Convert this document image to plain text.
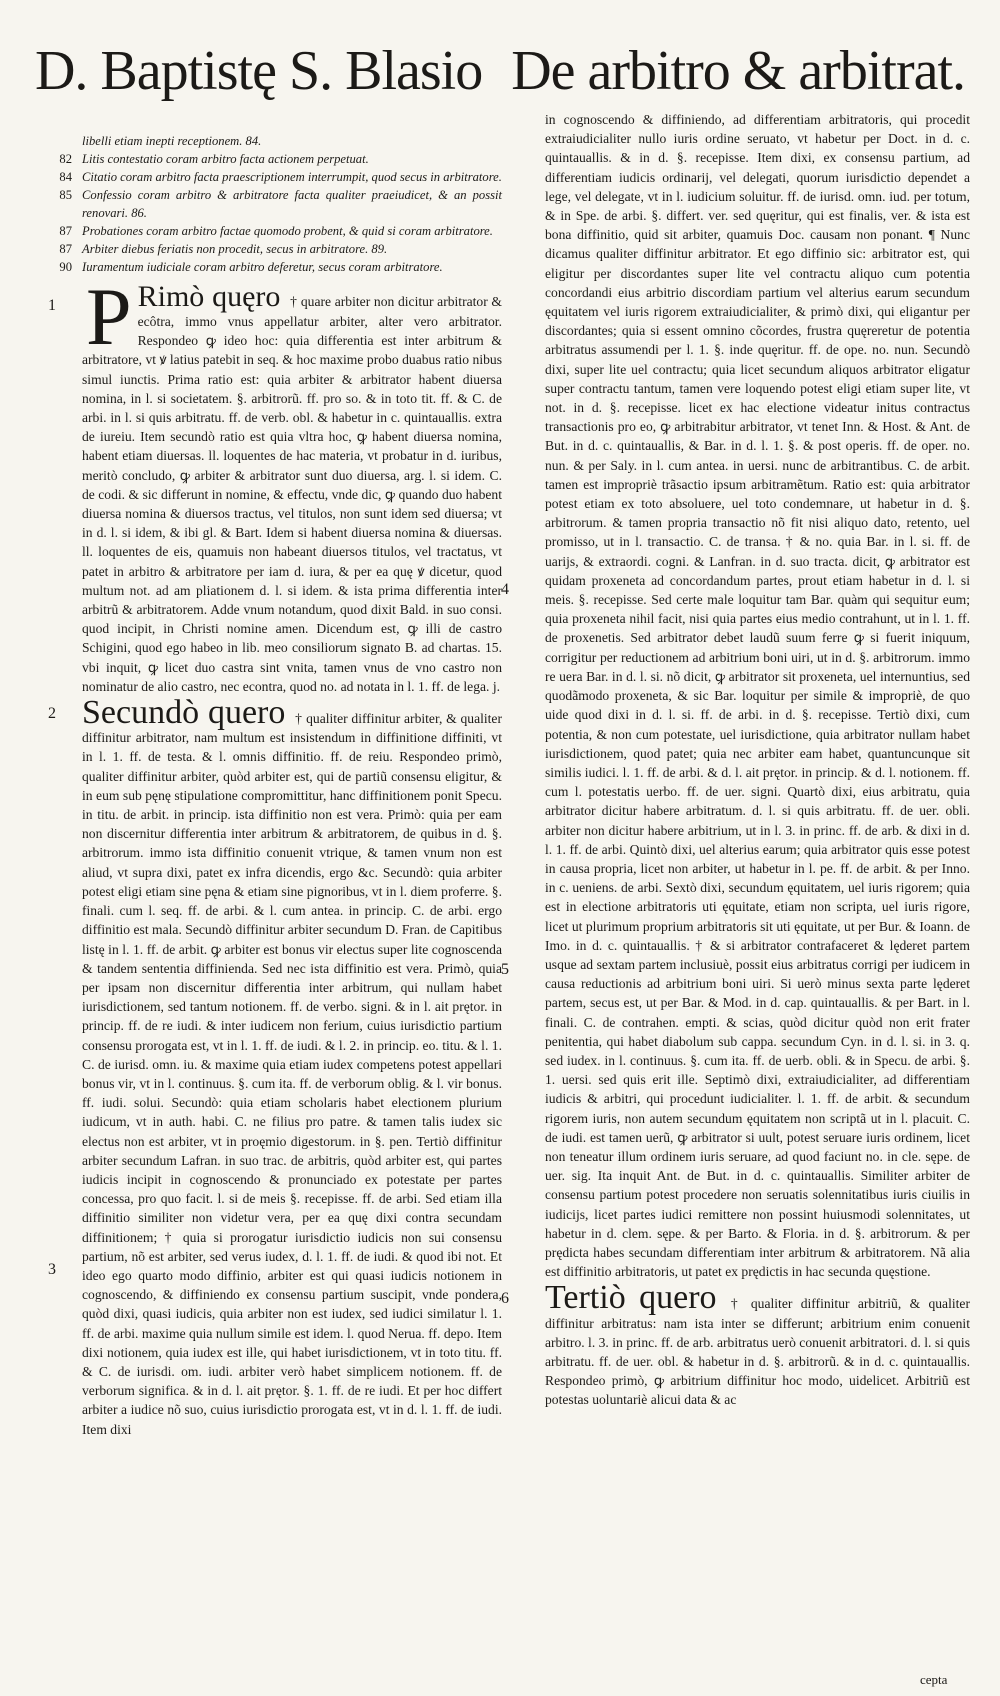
D. Baptistę S. Blasio De arbitro & arbitrat.
libelli etiam inepti receptionem. 84.
82 Litis contestatio coram arbitro facta actionem perpetuat.
84 Citatio coram arbitro facta praescriptionem interrumpit, quod secus in arbitratore.
85 Confessio coram arbitro & arbitratore facta qualiter praeiudicet, & an possit renovari. 86.
87 Probationes coram arbitro factae quomodo probent, & quid si coram arbitratore.
87 Arbiter diebus feriatis non procedit, secus in arbitratore. 89.
90 Iuramentum iudiciale coram arbitro deferetur, secus coram arbitratore.
1 P Rimò quęro † quare arbiter non dicitur arbitrator & ecôtra, immo vnus appellatur arbiter, alter vero arbitrator. Respondeo ꝙ ideo hoc: quia differentia est inter arbitrum & arbitratore, vt ꝟ latius patebit in seq. & hoc maxime probo duabus ratio nibus simul iunctis. Prima ratio est: quia arbiter & arbitrator habent diuersa nomina, in l. si societatem. §. arbitrorũ. ff. pro so. & in toto tit. ff. & C. de arbi. in l. si quis arbitratu. ff. de verb. obl. & habetur in c. quintauallis. extra de iureiu. Item secundò ratio est quia vltra hoc, ꝙ habent diuersa nomina, habent etiam diuersas. ll. loquentes de hac materia, vt probatur in d. iuribus, meritò concludo, ꝙ arbiter & arbitrator sunt duo diuersa, arg. l. si idem. C. de codi. & sic differunt in nomine, & effectu, vnde dic, ꝙ quando duo habent diuersa nomina & diuersos tractus, vel titulos, non sunt idem sed diuersa; vt in d. l. si idem, & ibi gl. & Bart. Idem si habent diuersa nomina & diuersas. ll. loquentes de eis, quamuis non habeant diuersos titulos, vel tractatus, vt patet in arbitro & arbitratore per iam d. iura, & per ea quę ꝟ dicetur, quod multum not. ad am pliationem d. l. si idem. & ista prima differentia inter arbitrũ & arbitratorem. Adde vnum notandum, quod dixit Bald. in suo consi. quod incipit, in Christi nomine amen. Dicendum est, ꝙ illi de castro Schigini, quod ego habeo in lib. meo consiliorum signato B. ad chartas. 15. vbi inquit, ꝙ licet duo castra sint vnita, tamen vnus de vno castro non nominatur de alio castro, nec econtra, quod no. ad notata in l. 1. ff. de lega. j.
2 Secundò quero † qualiter diffinitur arbiter, & qualiter diffinitur arbitrator, nam multum est insistendum in diffinitione diffiniti, vt in l. 1. ff. de testa. & l. omnis diffinitio. ff. de reiu. Respondeo primò, qualiter diffinitur arbiter, quòd arbiter est, qui de partiũ consensu eligitur, & in eum sub pęnę stipulatione compromittitur, hanc diffinitionem ponit Specu. in titu. de arbit. in princip. ista diffinitio non est vera. Primò: quia per eam non discernitur differentia inter arbitrum & arbitratorem, de quibus in d. §. arbitrorum. immo ista diffinitio conuenit vtrique, & tamen vnum non est aliud, vt supra dixi, patet ex infra dicendis, ergo &c. Secundò: quia arbiter potest eligi etiam sine pęna & etiam sine pignoribus, vt in l. diem proferre. §. finali. cum l. seq. ff. de arbi. & l. cum antea. in princip. C. de arbi. ergo diffinitio est mala. Secundò diffinitur arbiter secundum D. Fran. de Capitibus listę in l. 1. ff. de arbit. ꝙ arbiter est bonus vir electus super lite cognoscenda & tandem sententia diffinienda. Sed nec ista diffinitio est vera. Primò, quia per ipsam non discernitur differentia inter arbitrum, qui nullam habet iurisdictionem, sed tantum notionem. ff. de verbo. signi. & in l. ait prętor. in princip. ff. de re iudi. & inter iudicem non ferium, cuius iurisdictio partium consensu prorogata est, vt in l. 1. ff. de iudi. & l. 2. in princip. eo. titu. & l. 1. C. de iurisd. omn. iu. & maxime quia etiam iudex competens potest appellari bonus vir, vt in l. continuus. §. cum ita. ff. de verborum oblig. & l. vir bonus. ff. iudi. solui. Secundò: quia etiam scholaris habet electionem plurium iudicum, vt in auth. habi. C. ne filius pro patre. & tamen talis iudex sic electus non est arbiter, vt in proęmio digestorum. in §. pen. Tertiò diffinitur arbiter secundum Lafran. in suo trac. de arbitris, quòd arbiter est, qui partes iudicis incipit in cognoscendo & pronunciado ex potestate per partes concessa, pro quo facit. l. si de meis §. recepisse. ff. de arbi. Sed etiam illa diffinitio similiter non videtur vera, per ea quę dixi contra secundam diffinitionem; † quia si prorogatur iurisdictio iudicis non sui consensu partium, nõ est arbiter, sed verus iudex, d. l. 1. ff. de iudi. & quod ibi not. Et ideo ego quarto modo diffinio, arbiter est qui quasi iudicis notionem in cognoscendo, & diffiniendo ex consensu partium suscipit, vnde pondera, quòd dixi, quasi iudicis, quia arbiter non est iudex, sed iudici similatur l. 1. ff. de arbi. maxime quia nullum simile est idem. l. quod Nerua. ff. depo. Item dixi notionem, quia iudex est ille, qui habet iurisdictionem, vt in toto titu. ff. & C. de iurisdi. om. iudi. arbiter verò habet simplicem notionem. ff. de verborum significa. & in d. l. ait prętor. §. 1. ff. de re iudi. Et per hoc differt arbiter a iudice nõ suo, cuius iurisdictio prorogata est, vt in d. l. 1. ff. de iudi. Item dixi
3
in cognoscendo & diffiniendo, ad differentiam arbitratoris, qui procedit extraiudicialiter nullo iuris ordine seruato, vt habetur per Doct. in d. c. quintauallis. & in d. §. recepisse. Item dixi, ex consensu partium, ad differentiam iudicis ordinarij, vel delegati, quorum iurisdictio dependet a lege, vel delegate, vt in l. iudicium soluitur. ff. de iurisd. omn. iud. per totum, & in Spe. de arbi. §. differt. ver. sed quęritur, qui est finalis, ver. & ista est bona diffinitio, quid sit arbiter, quamuis Doc. causam non ponant. ¶ Nunc dicamus qualiter diffinitur arbitrator. Et ego diffinio sic: arbitrator est, qui eligitur per discordantes super lite vel contractu aliquo cum potentia concordandi eius arbitrio discordiam partium vel alterius earum secundum ęquitatem vel iuris rigorem extraiudicialiter, & primò dixi, qui eligantur per discordantes; quia si essent omnino cõcordes, frustra quęreretur de potentia arbitratus assumendi per l. 1. §. inde quęritur. ff. de ope. no. nun. Secundò dixi, super lite uel contractu; quia licet secundum aliquos arbitrator eligatur super contractu tantum, tamen vere loquendo potest eligi etiam super lite, vt not. in d. §. recepisse. licet ex hac electione videatur initus contractus transactionis pro eo, ꝙ arbitrabitur arbitrator, vt tenet Inn. & Host. & Ant. de But. in d. c. quintauallis, & Bar. in d. l. 1. §. & post operis. ff. de oper. no. nun. & per Saly. in l. cum antea. in uersi. nunc de arbitrantibus. C. de arbit. tamen est impropriè trãsactio ipsum arbitramẽtum. Ratio est: quia arbitrator potest etiam ex toto absoluere, uel toto condemnare, ut habetur in d. §. arbitrorum. & tamen propria transactio nõ fit nisi aliquo dato, retento, uel promisso, ut in l. transactio. C. de transa. † & no. quia Bar. in l. si. ff. de uarijs, & extraordi. cogni. & Lanfran. in d. suo tracta. dicit, ꝙ arbitrator est quidam proxeneta ad concordandum partes, prout etiam habetur in d. l. si meis. §. recepisse. Sed certe male loquitur tam Bar. quàm qui sequitur eum; quia proxeneta nihil facit, nisi quia partes eius medio contrahunt, ut in l. 1. ff. de proxenetis. Sed arbitrator debet laudũ suum ferre ꝙ si fuerit iniquum, corrigitur per reductionem ad arbitrium boni uiri, ut in d. §. arbitrorum. immo re uera Bar. in d. l. si. nõ dicit, ꝙ arbitrator sit proxeneta, uel internuntius, sed quodãmodo proxeneta, & sic Bar. loquitur per simile & impropriè, de quo uide quod dixi in d. l. si. ff. de arbi. in d. §. recepisse. Tertiò dixi, cum potentia, & non cum potestate, uel iurisdictione, quia arbitrator nullam habet iurisdictionem, quod patet; quia nec arbiter eam habet, quantuncunque sit similis iudici. l. 1. ff. de arbi. & d. l. ait prętor. in princip. & d. l. notionem. ff. cum l. potestatis uerbo. ff. de uer. signi. Quartò dixi, eius arbitratu, quia arbitrator dicitur habere arbitratum. d. l. si quis arbitratu. ff. de uer. obli. arbiter non dicitur habere arbitrium, ut in l. 3. in princ. ff. de arb. & dixi in d. l. 1. ff. de arbi. Quintò dixi, uel alterius earum; quia arbitrator quis esse potest in causa propria, licet non arbiter, ut habetur in l. pe. ff. de arbit. & per Inno. in c. ueniens. de arbi. Sextò dixi, secundum ęquitatem, uel iuris rigorem; quia est in electione arbitratoris uti ęquitate, etiam non scripta, uel iuris rigore, licet ut plurimum proprium arbitratoris sit uti ęquitate, ut per Bur. & Ioann. de Imo. in d. c. quintauallis. † & si arbitrator contrafaceret & lęderet partem usque ad sextam partem inclusiuè, possit eius arbitratus corrigi per iudicem in causa reductionis ad arbitrium boni uiri. Si uerò minus sexta parte lęderet partem, secus est, ut per Bar. & Mod. in d. cap. quintauallis. & per Bart. in l. finali. C. de contrahen. empti. & scias, quòd dicitur quòd non erit frater penitentia, qui habet diabolum sub cappa. secundum Cyn. in d. l. si. in 3. q. sed iudex. in l. continuus. §. cum ita. ff. de uerb. obli. & in Specu. de arbi. §. 1. uersi. sed quis erit ille. Septimò dixi, extraiudicialiter, ad differentiam iudicis & arbitri, qui procedunt iudicialiter. l. 1. ff. de arbit. & secundum rigorem iuris, non autem secundum ęquitatem non scriptã ut in l. placuit. C. de iudi. est tamen uerũ, ꝙ arbitrator si uult, potest seruare iuris ordinem, licet non teneatur illum ordinem iuris seruare, ad quod faciunt no. in cle. sępe. de uer. sig. Ita inquit Ant. de But. in d. c. quintauallis. Similiter arbiter de consensu partium potest procedere non seruatis solennitatibus iuris ciuilis in iudicijs, licet partes iudici remittere non possint huiusmodi solennitates, ut habetur in d. clem. sępe. & per Barto. & Floria. in d. §. arbitrorum. & per prędicta habes secundam differentiam inter arbitrum & arbitratorem. Nã alia est diffinitio arbitratoris, ut patet ex prędictis in hac secunda quęstione.
4
5
6 Tertiò quero † qualiter diffinitur arbitriũ, & qualiter diffinitur arbitratus: nam ista inter se differunt; arbitrium enim conuenit arbitro. l. 3. in princ. ff. de arb. arbitratus uerò conuenit arbitratori. d. l. si quis arbitratu. ff. de uer. obl. & habetur in d. §. arbitrorũ. & in d. c. quintauallis. Respondeo primò, ꝙ arbitrium diffinitur hoc modo, uidelicet. Arbitriũ est potestas uoluntariè alicui data & ac
cepta
